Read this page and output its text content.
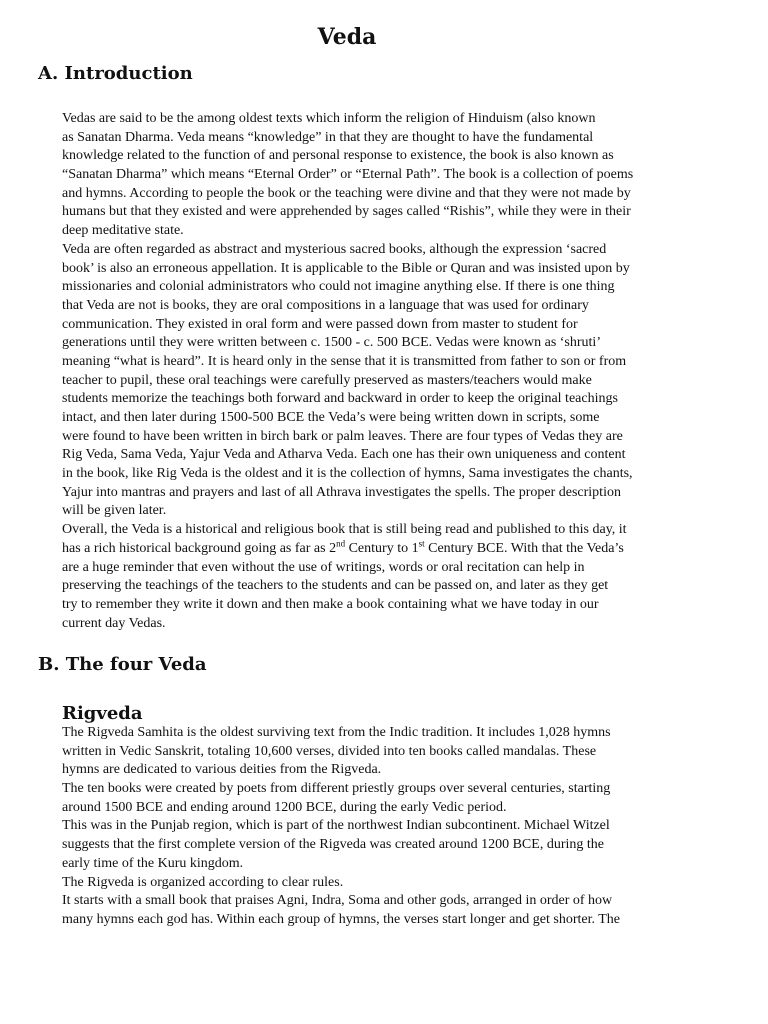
Veda
A. Introduction

Vedas are said to be the among oldest texts which inform the religion of Hinduism (also known
as Sanatan Dharma. Veda means “knowledge” in that they are thought to have the fundamental
knowledge related to the function of and personal response to existence, the book is also known as
“Sanatan Dharma” which means “Eternal Order” or “Eternal Path”. The book is a collection of poems
and hymns. According to people the book or the teaching were divine and that they were not made by
humans but that they existed and were apprehended by sages called “Rishis”, while they were in their
deep meditative state.

Veda are often regarded as abstract and mysterious sacred books, although the expression ‘sacred
book’ is also an erroneous appellation. It is applicable to the Bible or Quran and was insisted upon by
missionaries and colonial administrators who could not imagine anything else. If there is one thing
that Veda are not is books, they are oral compositions in a language that was used for ordinary
communication. They existed in oral form and were passed down from master to student for
generations until they were written between c. 1500 - c. 500 BCE. Vedas were known as ‘shruti’
meaning “what is heard”. It is heard only in the sense that it is transmitted from father to son or from
teacher to pupil, these oral teachings were carefully preserved as masters/teachers would make
students memorize the teachings both forward and backward in order to keep the original teachings
intact, and then later during 1500-500 BCE the Veda’s were being written down in scripts, some
were found to have been written in birch bark or palm leaves. There are four types of Vedas they are
Rig Veda, Sama Veda, Yajur Veda and Atharva Veda. Each one has their own uniqueness and content
in the book, like Rig Veda is the oldest and it is the collection of hymns, Sama investigates the chants,
Yajur into mantras and prayers and last of all Athrava investigates the spells. The proper description
will be given later.

Overall, the Veda is a historical and religious book that is still being read and published to this day, it
has a rich historical background going as far as 2nd Century to 1st Century BCE. With that the Veda’s
are a huge reminder that even without the use of writings, words or oral recitation can help in
preserving the teachings of the teachers to the students and can be passed on, and later as they get
try to remember they write it down and then make a book containing what we have today in our
current day Vedas.

B. The four Veda
Rigveda
The Rigveda Samhita is the oldest surviving text from the Indic tradition. It includes 1,028 hymns
written in Vedic Sanskrit, totaling 10,600 verses, divided into ten books called mandalas. These
hymns are dedicated to various deities from the Rigveda.
The ten books were created by poets from different priestly groups over several centuries, starting
around 1500 BCE and ending around 1200 BCE, during the early Vedic period.
This was in the Punjab region, which is part of the northwest Indian subcontinent. Michael Witzel
suggests that the first complete version of the Rigveda was created around 1200 BCE, during the
early time of the Kuru kingdom.
The Rigveda is organized according to clear rules.
It starts with a small book that praises Agni, Indra, Soma and other gods, arranged in order of how
many hymns each god has. Within each group of hymns, the verses start longer and get shorter. The
